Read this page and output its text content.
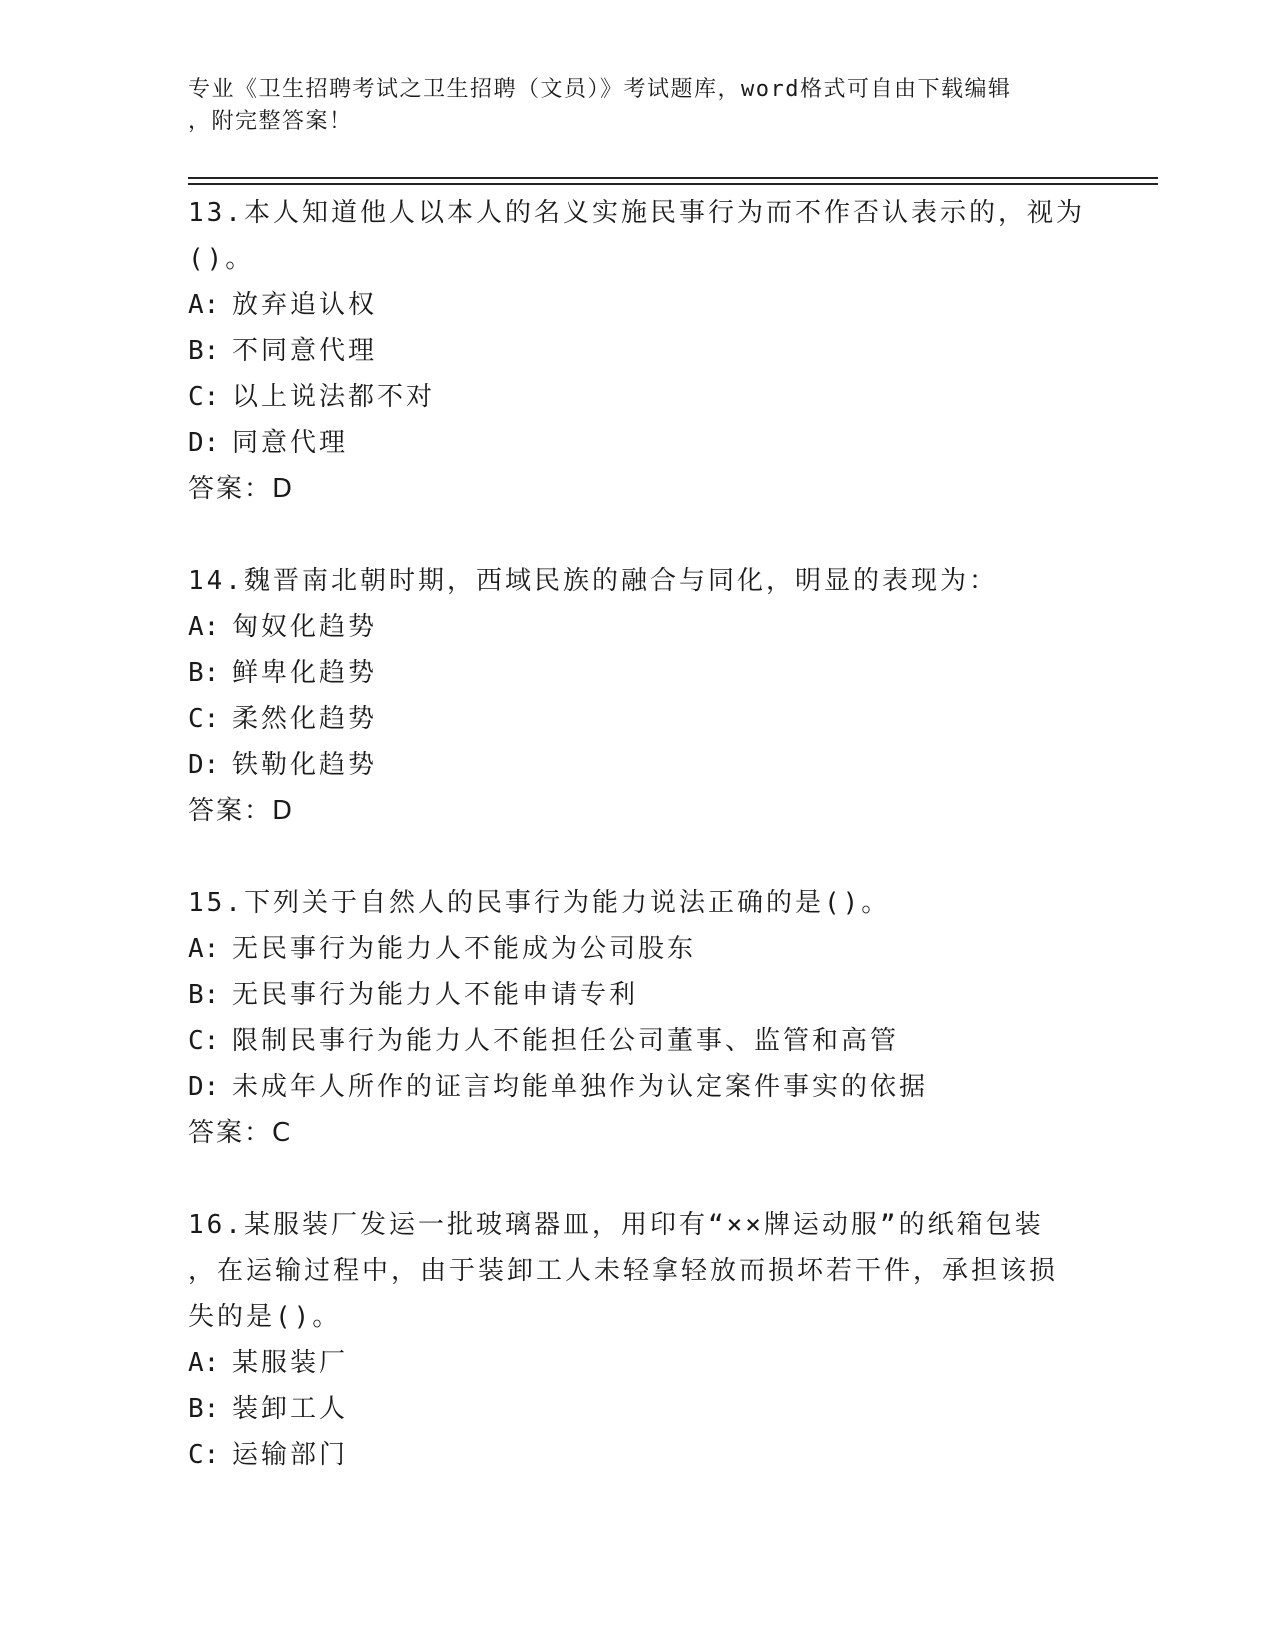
专业《卫生招聘考试之卫生招聘（文员）》考试题库，word格式可自由下载编辑
，附完整答案！
13.本人知道他人以本人的名义实施民事行为而不作否认表示的，视为
()。
A: 放弃追认权
B: 不同意代理
C: 以上说法都不对
D: 同意代理
答案：D
14.魏晋南北朝时期，西域民族的融合与同化，明显的表现为：
A: 匈奴化趋势
B: 鲜卑化趋势
C: 柔然化趋势
D: 铁勒化趋势
答案：D
15.下列关于自然人的民事行为能力说法正确的是()。
A: 无民事行为能力人不能成为公司股东
B: 无民事行为能力人不能申请专利
C: 限制民事行为能力人不能担任公司董事、监管和高管
D: 未成年人所作的证言均能单独作为认定案件事实的依据
答案：C
16.某服装厂发运一批玻璃器皿，用印有“××牌运动服”的纸箱包装
，在运输过程中，由于装卸工人未轻拿轻放而损坏若干件，承担该损
失的是()。
A: 某服装厂
B: 装卸工人
C: 运输部门
